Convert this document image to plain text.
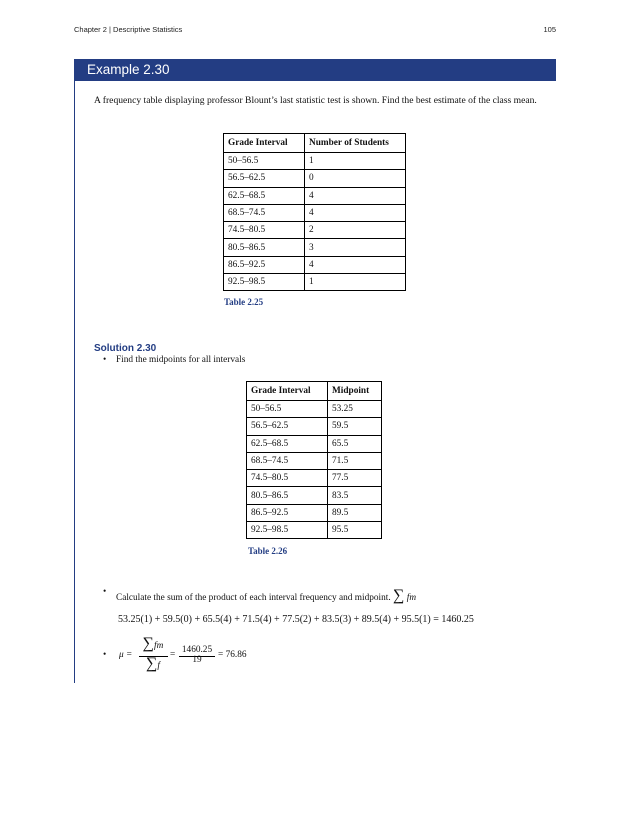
Chapter 2 | Descriptive Statistics	105
Example 2.30
A frequency table displaying professor Blount’s last statistic test is shown. Find the best estimate of the class mean.
Grade Interval	Number of Students
50–56.5	1
56.5–62.5	0
62.5–68.5	4
68.5–74.5	4
74.5–80.5	2
80.5–86.5	3
86.5–92.5	4
92.5–98.5	1
Table 2.25
Solution 2.30
• Find the midpoints for all intervals
Grade Interval	Midpoint
50–56.5	53.25
56.5–62.5	59.5
62.5–68.5	65.5
68.5–74.5	71.5
74.5–80.5	77.5
80.5–86.5	83.5
86.5–92.5	89.5
92.5–98.5	95.5
Table 2.26
•
Calculate the sum of the product of each interval frequency and midpoint. ∑ fm
53.25(1) + 59.5(0) + 65.5(4) + 71.5(4) + 77.5(2) + 83.5(3) + 89.5(4) + 95.5(1) = 1460.25
• μ =
∑fm
∑f
= 1460.25
19	= 76.86
